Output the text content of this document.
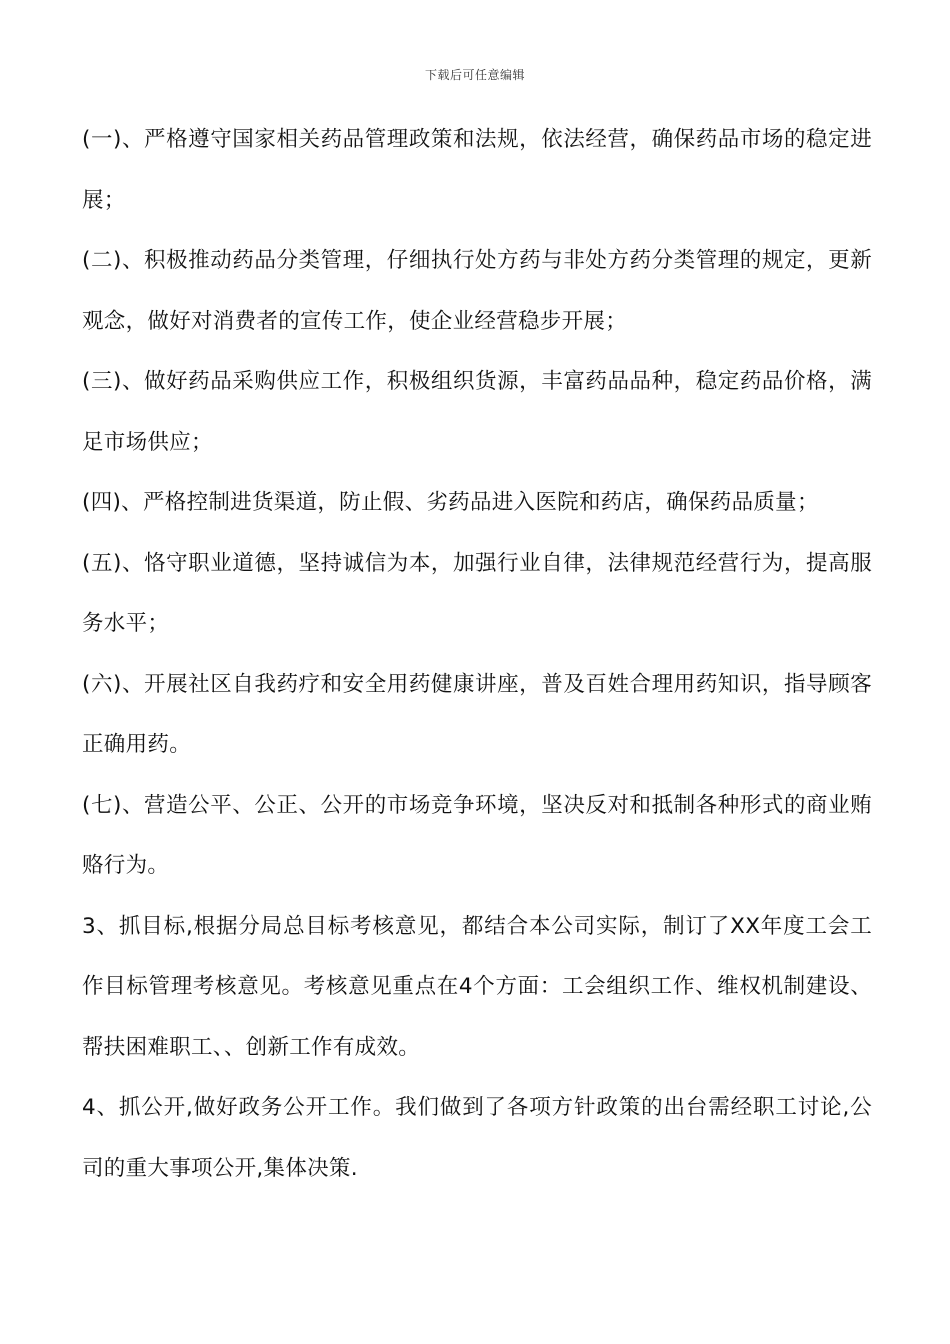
下载后可任意编辑

(一)、严格遵守国家相关药品管理政策和法规，依法经营，确保药品市场的稳定进展；

(二)、积极推动药品分类管理，仔细执行处方药与非处方药分类管理的规定，更新观念，做好对消费者的宣传工作，使企业经营稳步开展；

(三)、做好药品采购供应工作，积极组织货源，丰富药品品种，稳定药品价格，满足市场供应；

(四)、严格控制进货渠道，防止假、劣药品进入医院和药店，确保药品质量；

(五)、恪守职业道德，坚持诚信为本，加强行业自律，法律规范经营行为，提高服务水平；

(六)、开展社区自我药疗和安全用药健康讲座，普及百姓合理用药知识，指导顾客正确用药。

(七)、营造公平、公正、公开的市场竞争环境，坚决反对和抵制各种形式的商业贿赂行为。

3、抓目标,根据分局总目标考核意见，都结合本公司实际，制订了XX年度工会工作目标管理考核意见。考核意见重点在4个方面：工会组织工作、维权机制建设、帮扶困难职工、、创新工作有成效。

4、抓公开,做好政务公开工作。我们做到了各项方针政策的出台需经职工讨论,公司的重大事项公开,集体决策.
